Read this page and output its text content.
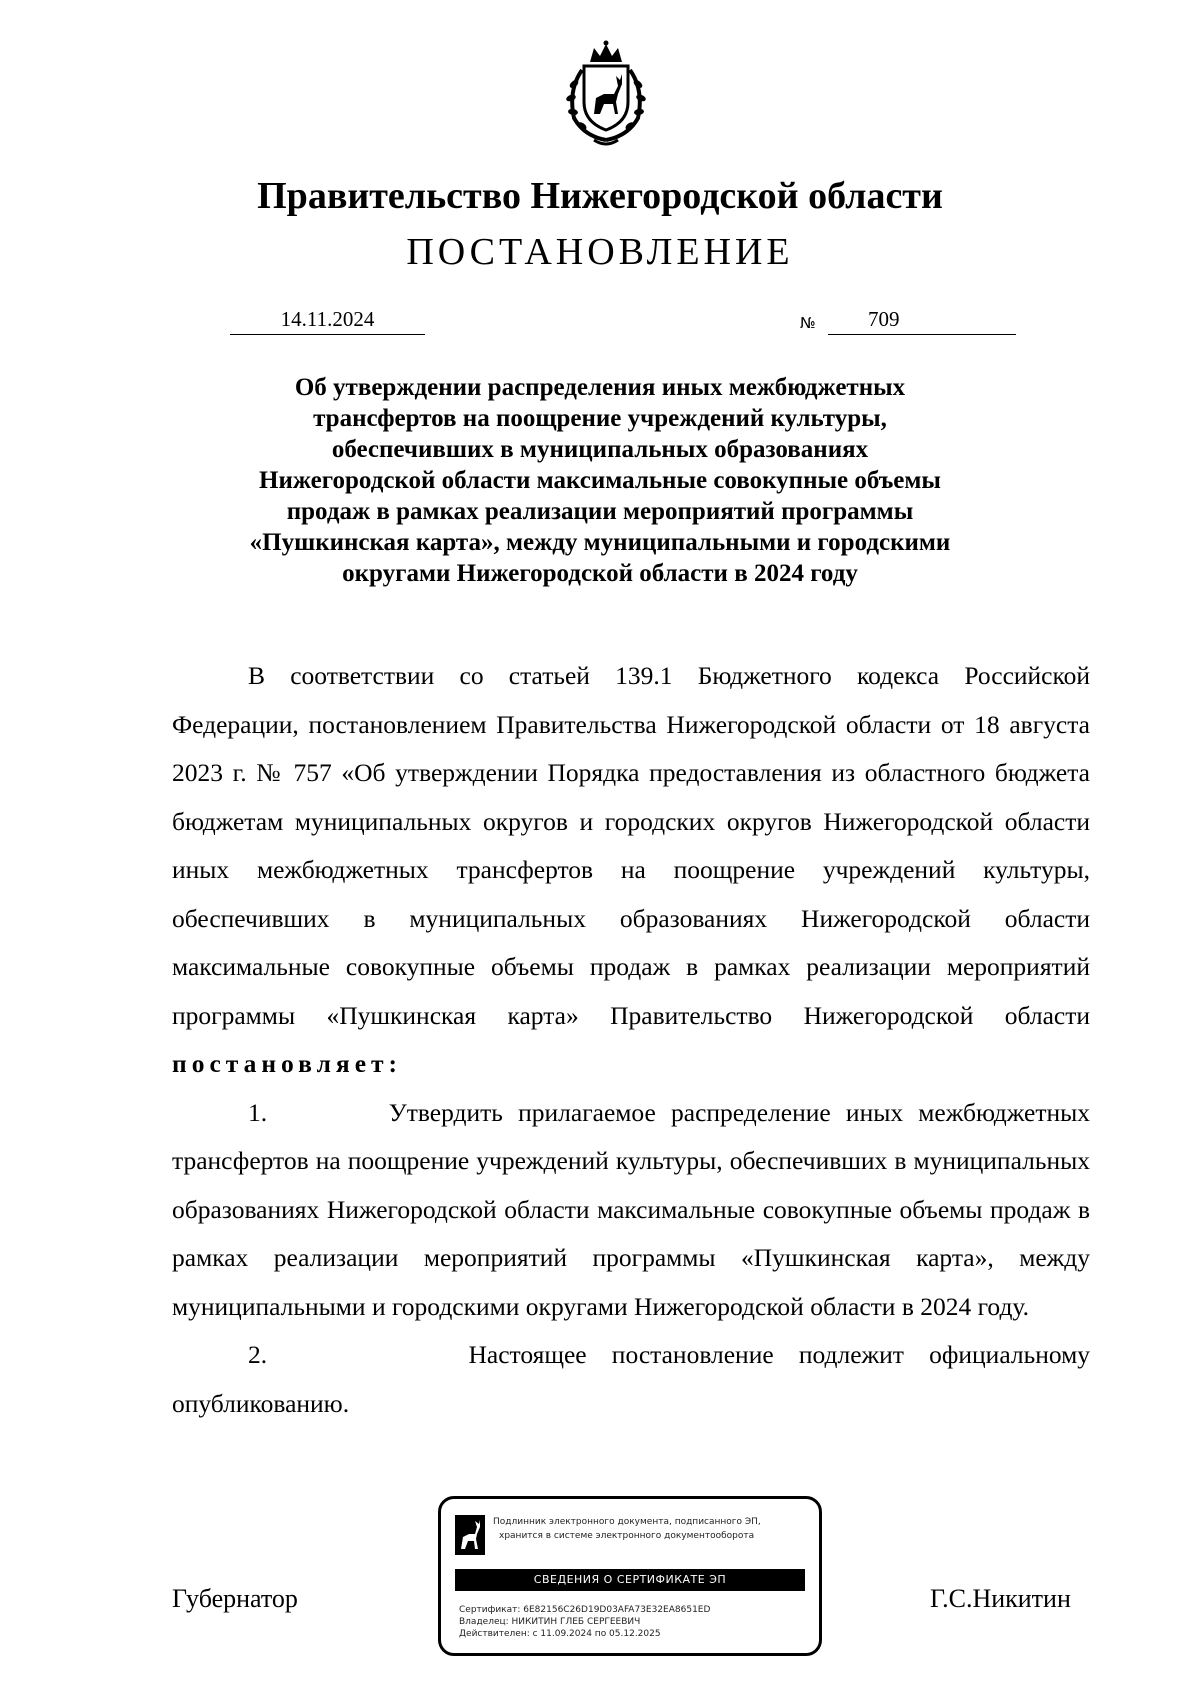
Правительство Нижегородской области
ПОСТАНОВЛЕНИЕ
14.11.2024	№	709
Об утверждении распределения иных межбюджетных
трансфертов на поощрение учреждений культуры,
обеспечивших в муниципальных образованиях
Нижегородской области максимальные совокупные объемы
продаж в рамках реализации мероприятий программы
«Пушкинская карта», между муниципальными и городскими
округами Нижегородской области в 2024 году

В соответствии со статьей 139.1 Бюджетного кодекса Российской Федерации, постановлением Правительства Нижегородской области от 18 августа 2023 г. № 757 «Об утверждении Порядка предоставления из областного бюджета бюджетам муниципальных округов и городских округов Нижегородской области иных межбюджетных трансфертов на поощрение учреждений культуры, обеспечивших в муниципальных образованиях Нижегородской области максимальные совокупные объемы продаж в рамках реализации мероприятий программы «Пушкинская карта» Правительство Нижегородской области постановляет:

1.	Утвердить прилагаемое распределение иных межбюджетных трансфертов на поощрение учреждений культуры, обеспечивших в муниципальных образованиях Нижегородской области максимальные совокупные объемы продаж в рамках реализации мероприятий программы «Пушкинская карта», между муниципальными и городскими округами Нижегородской области в 2024 году.

2.	Настоящее постановление подлежит официальному

опубликованию.

Губернатор	Г.С.Никитин
Подлинник электронного документа, подписанного ЭП,
хранится в системе электронного документооборота
СВЕДЕНИЯ О СЕРТИФИКАТЕ ЭП
Сертификат: 6E82156C26D19D03AFA73E32EA8651ED
Владелец: НИКИТИН ГЛЕБ СЕРГЕЕВИЧ
Действителен: с 11.09.2024 по 05.12.2025
